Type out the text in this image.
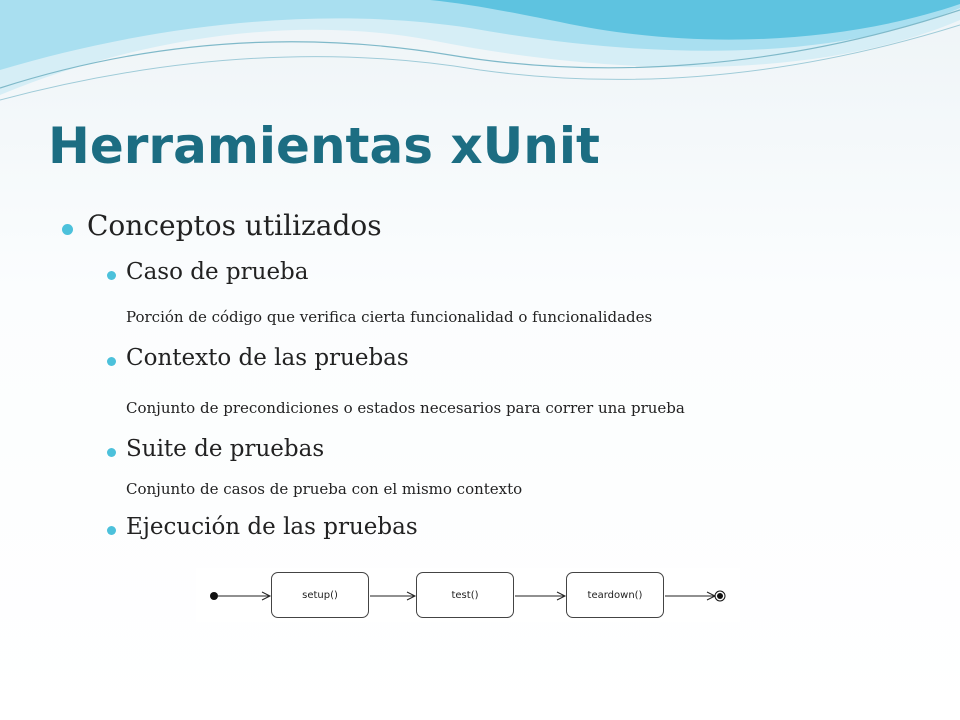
Herramientas xUnit
Conceptos utilizados
Caso de prueba
Porción de código que verifica cierta funcionalidad o funcionalidades
Contexto de las pruebas
Conjunto de precondiciones o estados necesarios para correr una prueba
Suite de pruebas
Conjunto de casos de prueba con el mismo contexto
Ejecución de las pruebas
setup()	test()	teardown()
